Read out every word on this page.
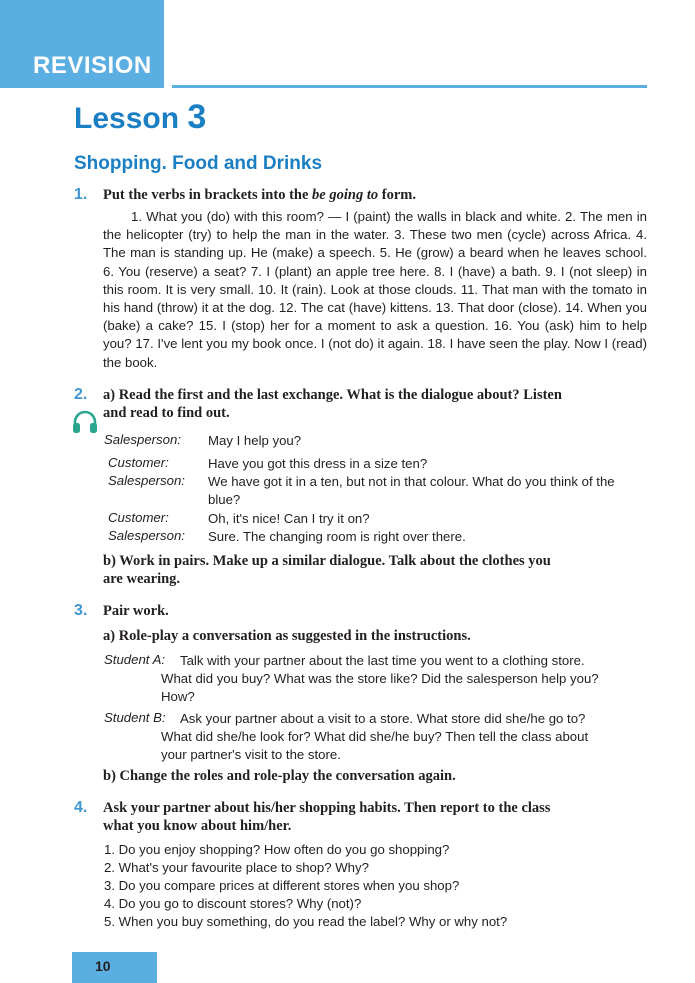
REVISION
Lesson 3
Shopping. Food and Drinks
1. Put the verbs in brackets into the be going to form.
1. What you (do) with this room? — I (paint) the walls in black and white. 2. The men in the helicopter (try) to help the man in the water. 3. These two men (cycle) across Africa. 4. The man is standing up. He (make) a speech. 5. He (grow) a beard when he leaves school. 6. You (reserve) a seat? 7. I (plant) an apple tree here. 8. I (have) a bath. 9. I (not sleep) in this room. It is very small. 10. It (rain). Look at those clouds. 11. That man with the tomato in his hand (throw) it at the dog. 12. The cat (have) kittens. 13. That door (close). 14. When you (bake) a cake? 15. I (stop) her for a moment to ask a question. 16. You (ask) him to help you? 17. I've lent you my book once. I (not do) it again. 18. I have seen the play. Now I (read) the book.
2. a) Read the first and the last exchange. What is the dialogue about? Listen
and read to find out.
Salesperson: May I help you?
Customer:	Have you got this dress in a size ten?
Salesperson: We have got it in a ten, but not in that colour. What do you think of the blue?
Customer:	Oh, it's nice! Can I try it on?
Salesperson: Sure. The changing room is right over there.
b) Work in pairs. Make up a similar dialogue. Talk about the clothes you
are wearing.
3. Pair work.
a) Role-play a conversation as suggested in the instructions.
Student A: Talk with your partner about the last time you went to a clothing store.
What did you buy? What was the store like? Did the salesperson help you?
How?
Student B: Ask your partner about a visit to a store. What store did she/he go to?
What did she/he look for? What did she/he buy? Then tell the class about
your partner's visit to the store.
b) Change the roles and role-play the conversation again.
4. Ask your partner about his/her shopping habits. Then report to the class
what you know about him/her.
1. Do you enjoy shopping? How often do you go shopping?
2. What's your favourite place to shop? Why?
3. Do you compare prices at different stores when you shop?
4. Do you go to discount stores? Why (not)?
5. When you buy something, do you read the label? Why or why not?
10
